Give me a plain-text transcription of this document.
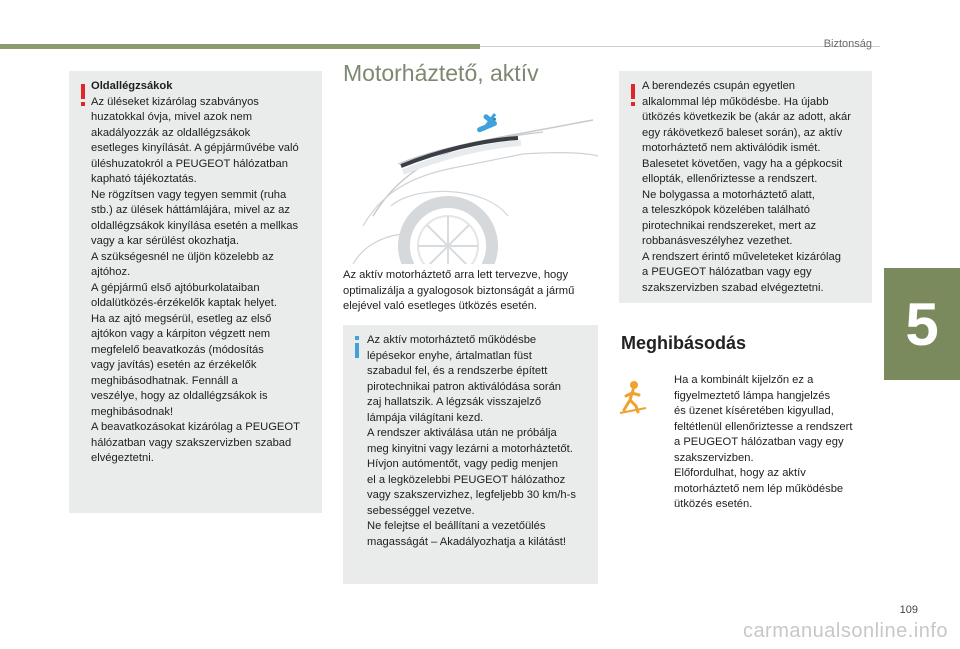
Biztonság
5
Oldallégzsákok
Az üléseket kizárólag szabványos
huzatokkal óvja, mivel azok nem
akadályozzák az oldallégzsákok
esetleges kinyílását. A gépjárművébe való
üléshuzatokról a PEUGEOT hálózatban
kapható tájékoztatás.
Ne rögzítsen vagy tegyen semmit (ruha
stb.) az ülések háttámlájára, mivel az az
oldallégzsákok kinyílása esetén a mellkas
vagy a kar sérülést okozhatja.
A szükségesnél ne üljön közelebb az
ajtóhoz.
A gépjármű első ajtóburkolataiban
oldalütközés-érzékelők kaptak helyet.
Ha az ajtó megsérül, esetleg az első
ajtókon vagy a kárpiton végzett nem
megfelelő beavatkozás (módosítás
vagy javítás) esetén az érzékelők
meghibásodhatnak. Fennáll a
veszélye, hogy az oldallégzsákok is
meghibásodnak!
A beavatkozásokat kizárólag a PEUGEOT
hálózatban vagy szakszervizben szabad
elvégeztetni.
Motorháztető, aktív
Az aktív motorháztető arra lett tervezve, hogy
optimalizálja a gyalogosok biztonságát a jármű
elejével való esetleges ütközés esetén.
Az aktív motorháztető működésbe
lépésekor enyhe, ártalmatlan füst
szabadul fel, és a rendszerbe épített
pirotechnikai patron aktiválódása során
zaj hallatszik. A légzsák visszajelző
lámpája világítani kezd.
A rendszer aktiválása után ne próbálja
meg kinyitni vagy lezárni a motorháztetőt.
Hívjon autómentőt, vagy pedig menjen
el a legközelebbi PEUGEOT hálózathoz
vagy szakszervizhez, legfeljebb 30 km/h-s
sebességgel vezetve.
Ne felejtse el beállítani a vezetőülés
magasságát – Akadályozhatja a kilátást!
A berendezés csupán egyetlen
alkalommal lép működésbe. Ha újabb
ütközés következik be (akár az adott, akár
egy rákövetkező baleset során), az aktív
motorháztető nem aktiválódik ismét.
Balesetet követően, vagy ha a gépkocsit
ellopták, ellenőriztesse a rendszert.
Ne bolygassa a motorháztető alatt,
a teleszkópok közelében található
pirotechnikai rendszereket, mert az
robbanásveszélyhez vezethet.
A rendszert érintő műveleteket kizárólag
a PEUGEOT hálózatban vagy egy
szakszervizben szabad elvégeztetni.
Meghibásodás
Ha a kombinált kijelzőn ez a
figyelmeztető lámpa hangjelzés
és üzenet kíséretében kigyullad,
feltétlenül ellenőriztesse a rendszert
a PEUGEOT hálózatban vagy egy
szakszervizben.
Előfordulhat, hogy az aktív
motorháztető nem lép működésbe
ütközés esetén.
109
carmanualsonline.info
